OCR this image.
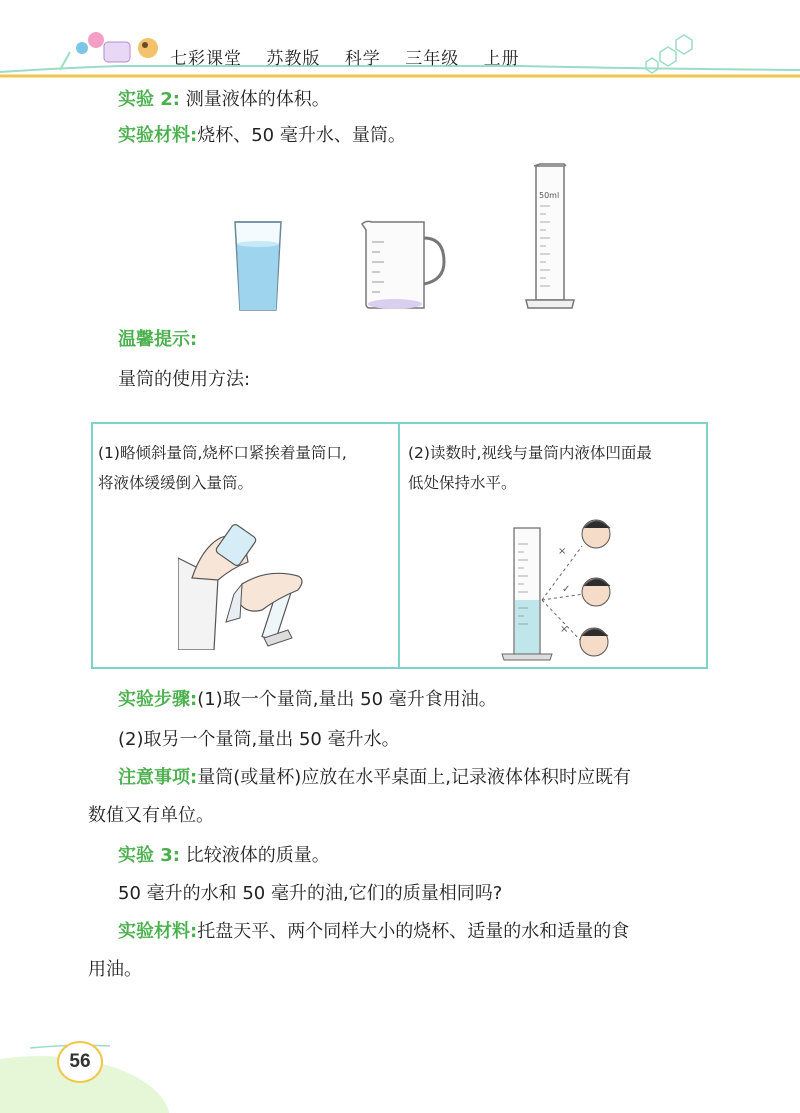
七彩课堂 苏教版 科学 三年级 上册
实验 2: 测量液体的体积。
实验材料:烧杯、50 毫升水、量筒。
50ml
温馨提示:
量筒的使用方法:
(1)略倾斜量筒,烧杯口紧挨着量筒口,
将液体缓缓倒入量筒。
(2)读数时,视线与量筒内液体凹面最
低处保持水平。
×
✓
×
实验步骤:(1)取一个量筒,量出 50 毫升食用油。
(2)取另一个量筒,量出 50 毫升水。
注意事项:量筒(或量杯)应放在水平桌面上,记录液体体积时应既有
数值又有单位。
实验 3: 比较液体的质量。
50 毫升的水和 50 毫升的油,它们的质量相同吗?
实验材料:托盘天平、两个同样大小的烧杯、适量的水和适量的食
用油。
56
